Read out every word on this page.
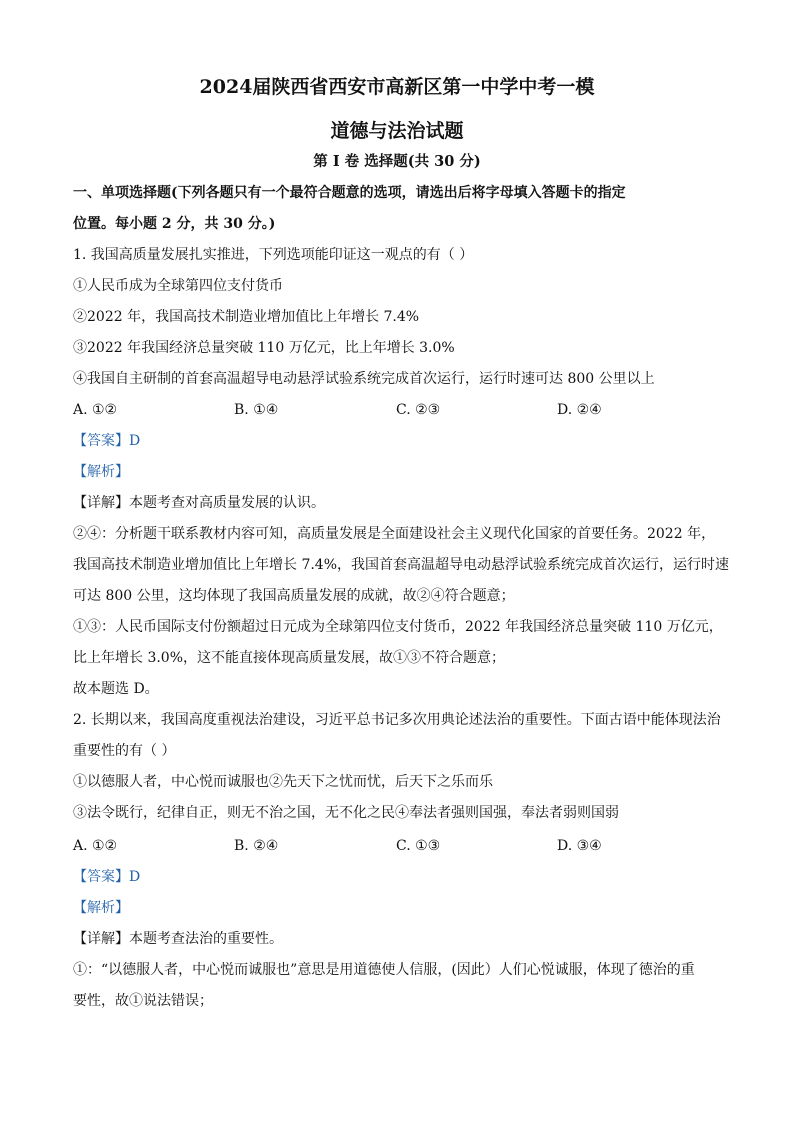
2024届陕西省西安市高新区第一中学中考一模
道德与法治试题
第 I 卷 选择题(共 30 分)
一、单项选择题(下列各题只有一个最符合题意的选项，请选出后将字母填入答题卡的指定
位置。每小题 2 分，共 30 分。)
1. 我国高质量发展扎实推进，下列选项能印证这一观点的有（ ）
①人民币成为全球第四位支付货币
②2022 年，我国高技术制造业增加值比上年增长 7.4%
③2022 年我国经济总量突破 110 万亿元，比上年增长 3.0%
④我国自主研制的首套高温超导电动悬浮试验系统完成首次运行，运行时速可达 800 公里以上
A. ①②	B. ①④	C. ②③	D. ②④
【答案】D
【解析】
【详解】本题考查对高质量发展的认识。
②④：分析题干联系教材内容可知，高质量发展是全面建设社会主义现代化国家的首要任务。2022 年，
我国高技术制造业增加值比上年增长 7.4%，我国首套高温超导电动悬浮试验系统完成首次运行，运行时速
可达 800 公里，这均体现了我国高质量发展的成就，故②④符合题意；
①③：人民币国际支付份额超过日元成为全球第四位支付货币，2022 年我国经济总量突破 110 万亿元，
比上年增长 3.0%，这不能直接体现高质量发展，故①③不符合题意；
故本题选 D。
2. 长期以来，我国高度重视法治建设，习近平总书记多次用典论述法治的重要性。下面古语中能体现法治
重要性的有（ ）
①以德服人者，中心悦而诚服也②先天下之忧而忧，后天下之乐而乐
③法令既行，纪律自正，则无不治之国，无不化之民④奉法者强则国强，奉法者弱则国弱
A. ①②	B. ②④	C. ①③	D. ③④
【答案】D
【解析】
【详解】本题考查法治的重要性。
①：“以德服人者，中心悦而诚服也”意思是用道德使人信服，(因此）人们心悦诚服，体现了德治的重
要性，故①说法错误；
